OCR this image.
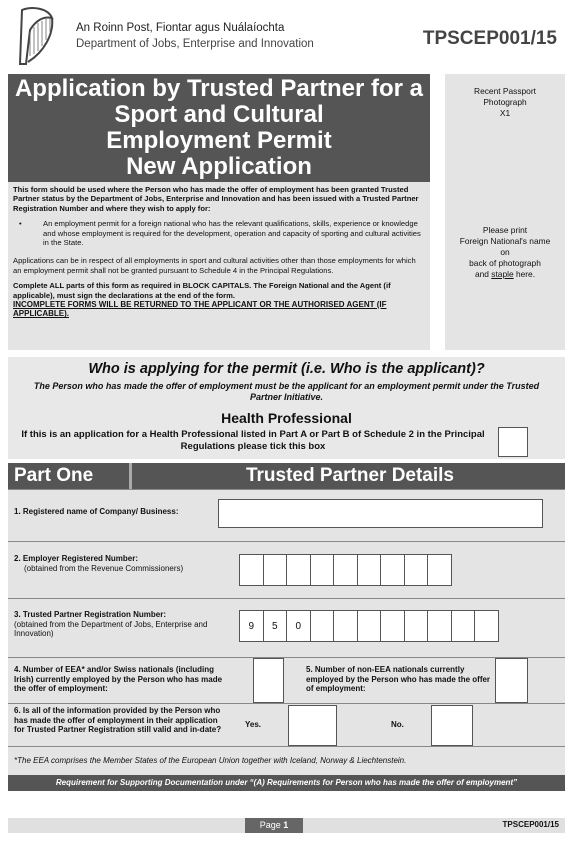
An Roinn Post, Fiontar agus Nuálaíochta
Department of Jobs, Enterprise and Innovation	TPSCEP001/15
Application by Trusted Partner for a
Sport and Cultural
Employment Permit
New Application

This form should be used where the Person who has made the offer of employment has been granted Trusted Partner status by the Department of Jobs, Enterprise and Innovation and has been issued with a Trusted Partner Registration Number and where they wish to apply for:

•	An employment permit for a foreign national who has the relevant qualifications, skills, experience or knowledge and whose employment is required for the development, operation and capacity of sporting and cultural activities in the State.

Applications can be in respect of all employments in sport and cultural activities other than those employments for which an employment permit shall not be granted pursuant to Schedule 4 in the Principal Regulations.

Complete ALL parts of this form as required in BLOCK CAPITALS. The Foreign National and the Agent (if applicable), must sign the declarations at the end of the form.

INCOMPLETE FORMS WILL BE RETURNED TO THE APPLICANT OR THE AUTHORISED AGENT (IF APPLICABLE).
Recent Passport
Photograph
X1
Please print
Foreign National's name
on
back of photograph
and staple here.
Who is applying for the permit (i.e. Who is the applicant)?
The Person who has made the offer of employment must be the applicant for an employment permit under the Trusted Partner Initiative.
Health Professional
If this is an application for a Health Professional listed in Part A or Part B of Schedule 2 in the Principal Regulations please tick this box
Part One	Trusted Partner Details
1. Registered name of Company/ Business:
2. Employer Registered Number:
(obtained from the Revenue Commissioners)
3. Trusted Partner Registration Number:
(obtained from the Department of Jobs, Enterprise and Innovation)
9	5	0
4. Number of EEA* and/or Swiss nationals (including Irish) currently employed by the Person who has made the offer of employment:
5. Number of non-EEA nationals currently employed by the Person who has made the offer of employment:
6. Is all of the information provided by the Person who has made the offer of employment in their application for Trusted Partner Registration still valid and in-date?
Yes.	No.
*The EEA comprises the Member States of the European Union together with Iceland, Norway & Liechtenstein.
Requirement for Supporting Documentation under “(A) Requirements for Person who has made the offer of employment”
Page 1	TPSCEP001/15
